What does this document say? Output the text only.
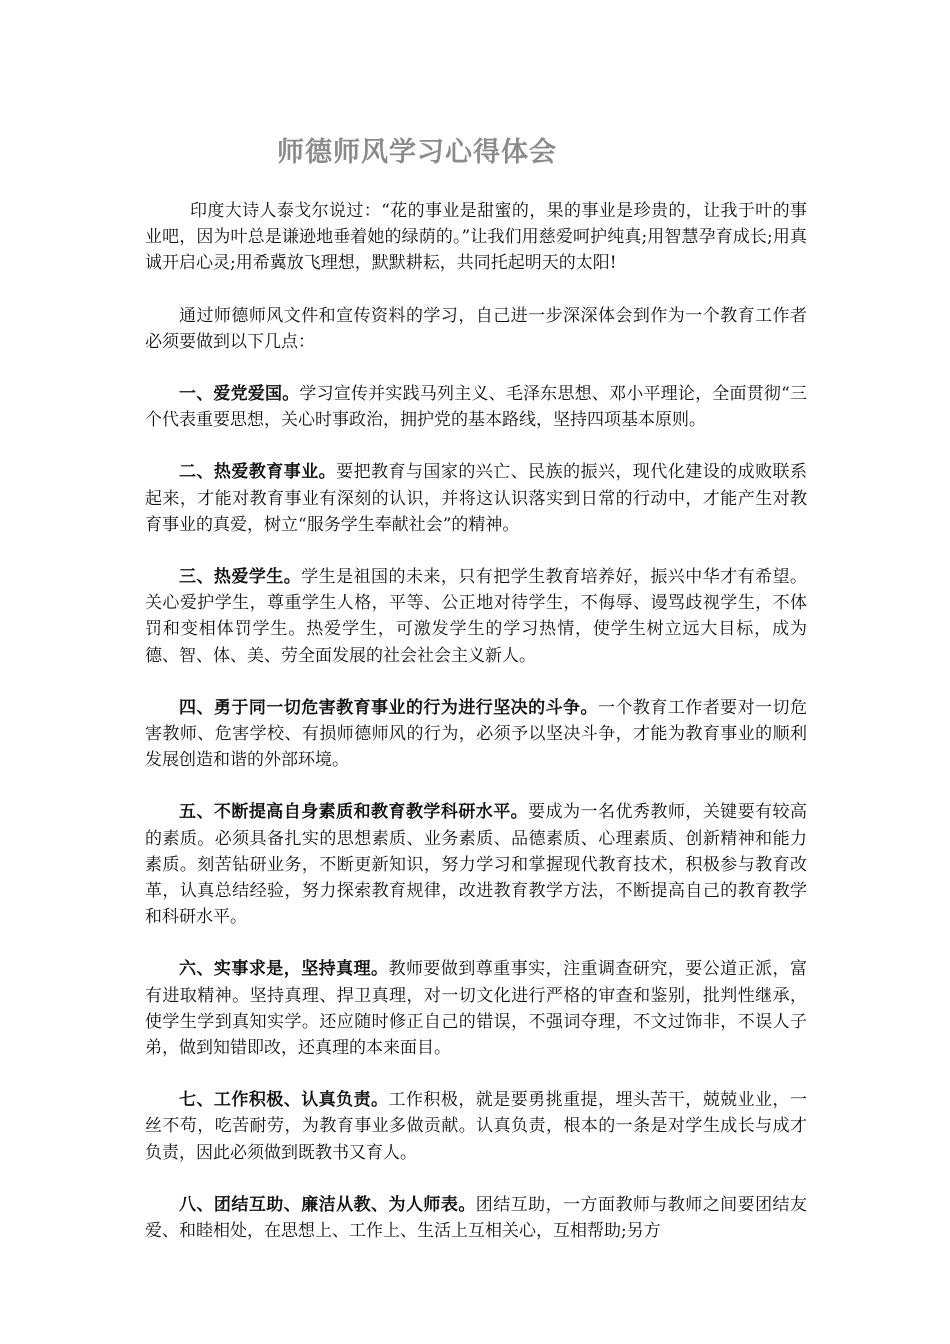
师德师风学习心得体会

印度大诗人泰戈尔说过：“花的事业是甜蜜的，果的事业是珍贵的，让我于叶的事业吧，因为叶总是谦逊地垂着她的绿荫的。”让我们用慈爱呵护纯真;用智慧孕育成长;用真诚开启心灵;用希冀放飞理想，默默耕耘，共同托起明天的太阳!

通过师德师风文件和宣传资料的学习，自己进一步深深体会到作为一个教育工作者必须要做到以下几点：

一、爱党爱国。学习宣传并实践马列主义、毛泽东思想、邓小平理论，全面贯彻“三个代表重要思想，关心时事政治，拥护党的基本路线，坚持四项基本原则。

二、热爱教育事业。要把教育与国家的兴亡、民族的振兴，现代化建设的成败联系起来，才能对教育事业有深刻的认识，并将这认识落实到日常的行动中，才能产生对教育事业的真爱，树立“服务学生奉献社会”的精神。

三、热爱学生。学生是祖国的未来，只有把学生教育培养好，振兴中华才有希望。关心爱护学生，尊重学生人格，平等、公正地对待学生，不侮辱、谩骂歧视学生，不体罚和变相体罚学生。热爱学生，可激发学生的学习热情，使学生树立远大目标，成为德、智、体、美、劳全面发展的社会社会主义新人。

四、勇于同一切危害教育事业的行为进行坚决的斗争。一个教育工作者要对一切危害教师、危害学校、有损师德师风的行为，必须予以坚决斗争，才能为教育事业的顺利发展创造和谐的外部环境。

五、不断提高自身素质和教育教学科研水平。要成为一名优秀教师，关键要有较高的素质。必须具备扎实的思想素质、业务素质、品德素质、心理素质、创新精神和能力素质。刻苦钻研业务，不断更新知识，努力学习和掌握现代教育技术，积极参与教育改革，认真总结经验，努力探索教育规律，改进教育教学方法，不断提高自己的教育教学和科研水平。

六、实事求是，坚持真理。教师要做到尊重事实，注重调查研究，要公道正派，富有进取精神。坚持真理、捍卫真理，对一切文化进行严格的审查和鉴别，批判性继承，使学生学到真知实学。还应随时修正自己的错误，不强词夺理，不文过饰非，不误人子弟，做到知错即改，还真理的本来面目。

七、工作积极、认真负责。工作积极，就是要勇挑重提，埋头苦干，兢兢业业，一丝不苟，吃苦耐劳，为教育事业多做贡献。认真负责，根本的一条是对学生成长与成才负责，因此必须做到既教书又育人。

八、团结互助、廉洁从教、为人师表。团结互助，一方面教师与教师之间要团结友爱、和睦相处，在思想上、工作上、生活上互相关心，互相帮助;另方
